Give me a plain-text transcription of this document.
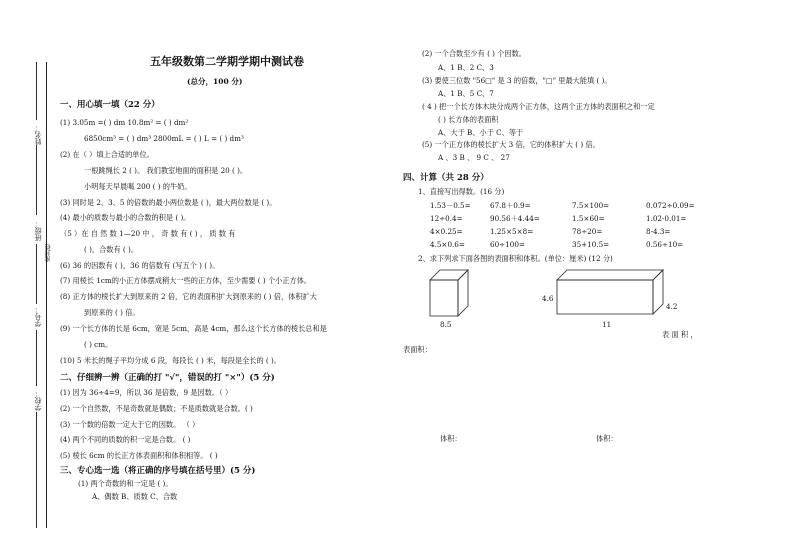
姓名：
班级：
密封线
学号：
学校：
五年级数第二学期学期中测试卷
(总分，100 分)
一、用心填一填（22 分）
(1) 3.05m =( ) dm 10.8m² = ( ) dm²
6850cm³ = ( ) dm³ 2800mL = ( ) L = ( ) dm³
(2) 在（ ）填上合适的单位。
一根跳绳长 2 ( )。 我们教室地面的面积是 20 ( )。
小明每天早晨喝 200 ( ) 的牛奶。
(3) 同时是 2、3、5 的倍数的最小两位数是 ( )，最大两位数是 ( )。
(4) 最小的质数与最小的合数的积是 ( )。
（5 ）在 自 然 数 1—20 中 ， 奇 数 有 ( ) ， 质 数 有
( )，合数有 ( )。
(6) 36 的因数有 ( )，36 的倍数有 (写五个 ) ( )。
(7) 用棱长 1cm的小正方体摆成稍大一些的正方体，至少需要 ( ) 个小正方体。
(8) 正方体的棱长扩大到原来的 2 倍，它的表面积扩大到原来的 ( ) 倍，体积扩大
到原来的 ( ) 倍。
(9) 一个长方体的长是 6cm，宽是 5cm，高是 4cm，那么这个长方体的棱长总和是
( ) cm。
(10) 5 米长的绳子平均分成 6 段，每段长 ( ) 米，每段是全长的 ( )。
二、仔细辨一辨（正确的打 "√"，错误的打 "×"）(5 分)
(1) 因为 36÷4=9，所以 36 是倍数，9 是因数。（ ）
(2) 一个自然数，不是奇数就是偶数；不是质数就是合数。( )
(3) 一个数的倍数一定大于它的因数。 （ ）
(4) 两个不同的质数的积一定是合数。 ( )
(5) 棱长 6cm 的长正方体表面积和体积相等。 ( )
三、专心选一选（将正确的序号填在括号里）(5 分)
(1) 两个奇数的和一定是 ( )。
A、偶数 B、质数 C、合数
(2) 一个合数至少有 ( ) 个因数。
A、1 B、2 C、3
(3) 要使三位数 "56□" 是 3 的倍数，"□" 里最大能填 ( )。
A、1 B、5 C、7
( 4 ) 把一个长方体木块分成两个正方体，这两个正方体的表面积之和一定
( ) 长方体的表面积
A、大于 B、小于 C、等于
(5) 一个正方体的棱长扩大 3 倍，它的体积扩大 ( ) 倍。
A 、3 B 、 9 C 、 27
四、计算（共 28 分）
1、直接写出得数。(16 分)
1.53－0.5=	67.8＋0.9=	7.5×100=	0.072÷0.09=
12÷0.4=	90.56＋4.44=	1.5×60=	1.02-0.01=
4×0.25=	1.25×5×8=	78÷20=	8-4.3=
4.5×0.6=	60÷100=	35+10.5=	0.56÷10=
2、求下列求下面各图的表面积和体积。(单位：厘米) (12 分)
8.5
4.6
4.2
11
表 面 积 ，
表面积：
体积：	体积：
